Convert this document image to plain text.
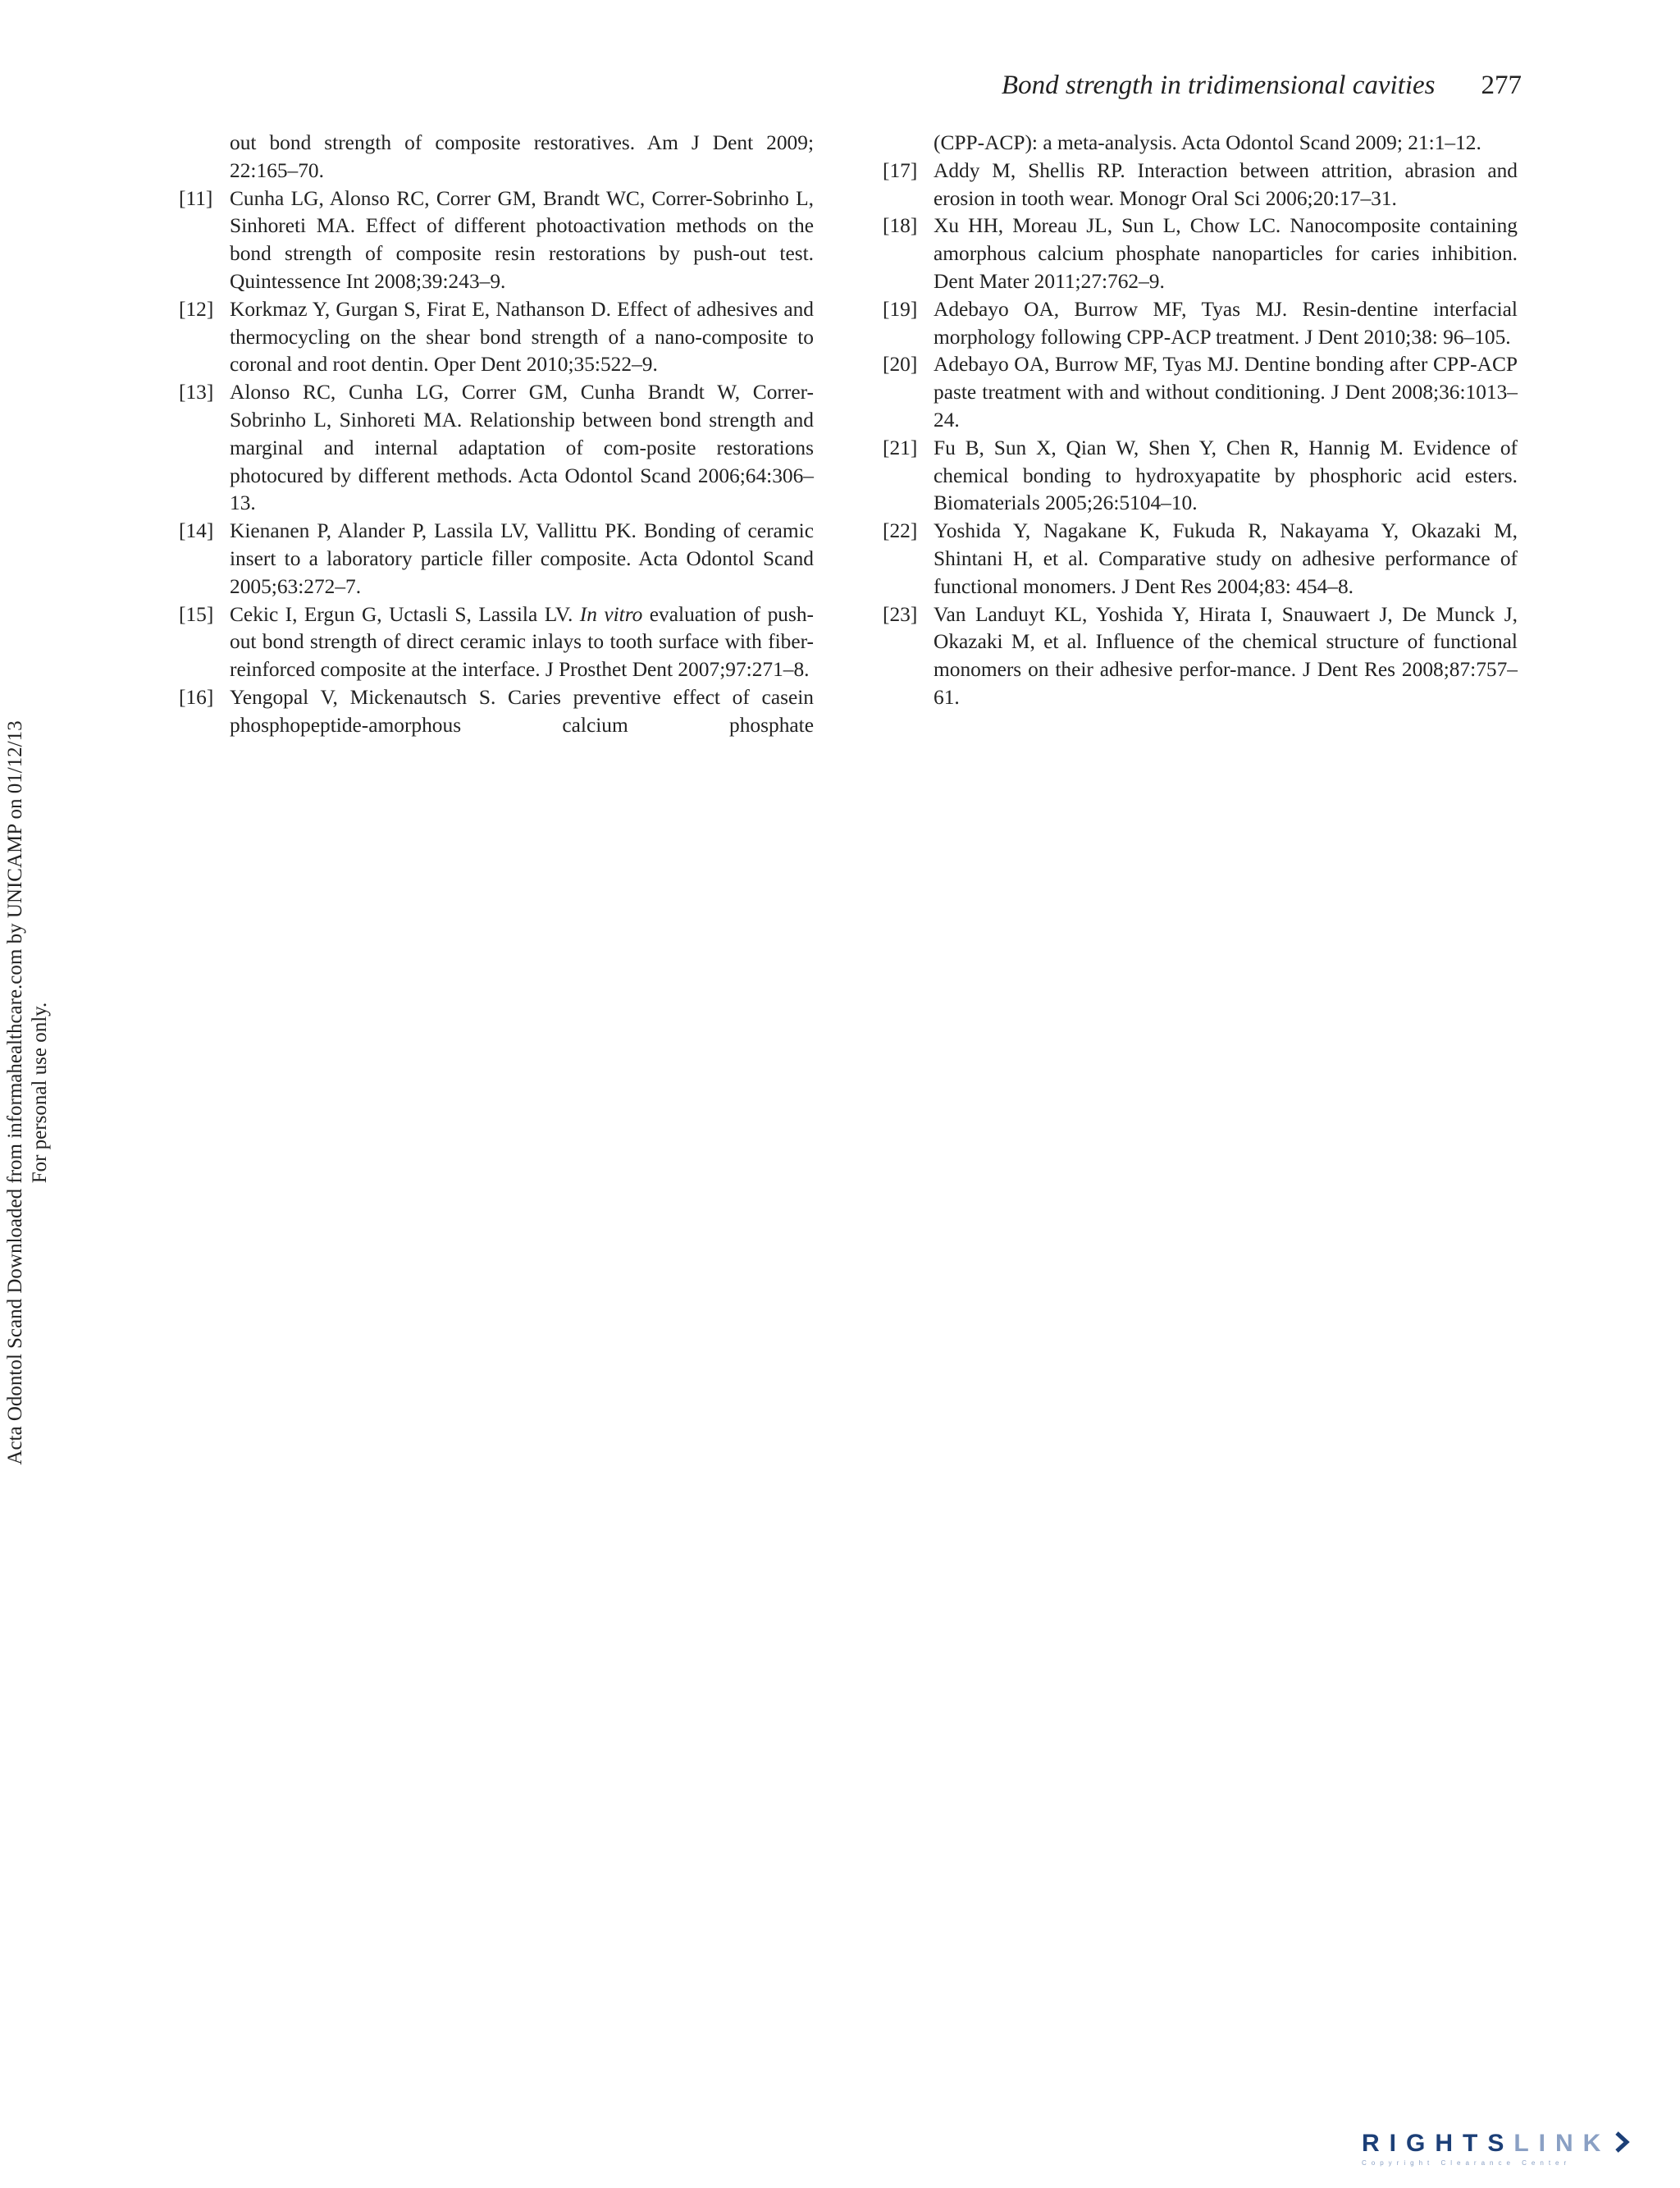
Bond strength in tridimensional cavities 277
Acta Odontol Scand Downloaded from informahealthcare.com by UNICAMP on 01/12/13 For personal use only.

out bond strength of composite restoratives. Am J Dent 2009; 22:165–70.

[11] Cunha LG, Alonso RC, Correr GM, Brandt WC, Correr-Sobrinho L, Sinhoreti MA. Effect of different photoactivation methods on the bond strength of composite resin restorations by push-out test. Quintessence Int 2008;39:243–9.

[12] Korkmaz Y, Gurgan S, Firat E, Nathanson D. Effect of adhesives and thermocycling on the shear bond strength of a nano-composite to coronal and root dentin. Oper Dent 2010;35:522–9.

[13] Alonso RC, Cunha LG, Correr GM, Cunha Brandt W, Correr-Sobrinho L, Sinhoreti MA. Relationship between bond strength and marginal and internal adaptation of com-posite restorations photocured by different methods. Acta Odontol Scand 2006;64:306–13.

[14] Kienanen P, Alander P, Lassila LV, Vallittu PK. Bonding of ceramic insert to a laboratory particle filler composite. Acta Odontol Scand 2005;63:272–7.

[15] Cekic I, Ergun G, Uctasli S, Lassila LV. In vitro evaluation of push-out bond strength of direct ceramic inlays to tooth surface with fiber-reinforced composite at the interface. J Prosthet Dent 2007;97:271–8.

[16] Yengopal V, Mickenautsch S. Caries preventive effect of casein phosphopeptide-amorphous calcium phosphate

(CPP-ACP): a meta-analysis. Acta Odontol Scand 2009; 21:1–12.

[17] Addy M, Shellis RP. Interaction between attrition, abrasion and erosion in tooth wear. Monogr Oral Sci 2006;20:17–31.

[18] Xu HH, Moreau JL, Sun L, Chow LC. Nanocomposite containing amorphous calcium phosphate nanoparticles for caries inhibition. Dent Mater 2011;27:762–9.

[19] Adebayo OA, Burrow MF, Tyas MJ. Resin-dentine interfacial morphology following CPP-ACP treatment. J Dent 2010;38: 96–105.

[20] Adebayo OA, Burrow MF, Tyas MJ. Dentine bonding after CPP-ACP paste treatment with and without conditioning. J Dent 2008;36:1013–24.

[21] Fu B, Sun X, Qian W, Shen Y, Chen R, Hannig M. Evidence of chemical bonding to hydroxyapatite by phosphoric acid esters. Biomaterials 2005;26:5104–10.

[22] Yoshida Y, Nagakane K, Fukuda R, Nakayama Y, Okazaki M, Shintani H, et al. Comparative study on adhesive performance of functional monomers. J Dent Res 2004;83: 454–8.

[23] Van Landuyt KL, Yoshida Y, Hirata I, Snauwaert J, De Munck J, Okazaki M, et al. Influence of the chemical structure of functional monomers on their adhesive perfor-mance. J Dent Res 2008;87:757–61.

RIGHTSLINK
Copyright Clearance Center
